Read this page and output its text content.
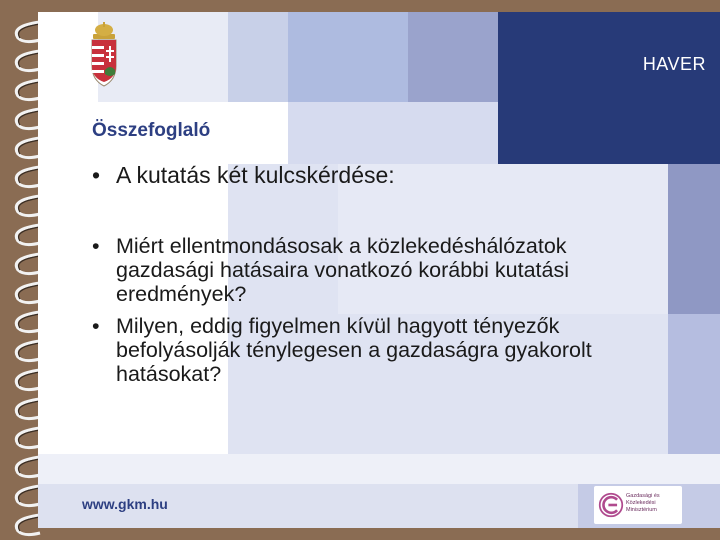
HAVER
Összefoglaló
• A kutatás két kulcskérdése:
• Miért ellentmondásosak a közlekedéshálózatok gazdasági hatásaira vonatkozó korábbi kutatási eredmények?
• Milyen, eddig figyelmen kívül hagyott tényezők befolyásolják ténylegesen a gazdaságra gyakorolt hatásokat?
www.gkm.hu	Gazdasági és Közlekedési Minisztérium
